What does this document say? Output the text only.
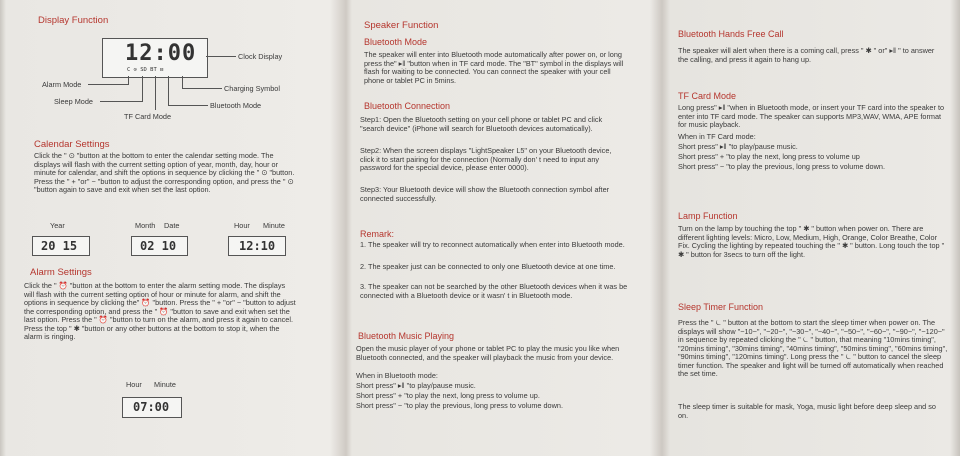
Display Function
12:00
C ⊙ SD BT ⊟
Clock Display
Alarm Mode
Sleep Mode
TF Card Mode
Charging Symbol
Bluetooth Mode
Calendar Settings

Click the " ⊙ "button at the bottom to enter the calendar setting mode. The displays will flash with the current setting option of year, month, day, hour or minute for calendar, and shift the options in sequence by clicking the " ⊙ "button. Press the " + "or" − "button to adjust the corresponding option, and press the " ⊙ "button again to save and exit when set the last option.

Year
20 15
Month Date
02 10
Hour Minute
12:10
Alarm Settings

Click the " ⏰ "button at the bottom to enter the alarm setting mode. The displays will flash with the current setting option of hour or minute for alarm, and shift the options in sequence by clicking the" ⏰ "button. Press the " + "or" − "button to adjust the corresponding option, and press the " ⏰ "button to save and exit when set the last option. Press the " ⏰ "button to turn on the alarm, and press it again to cancel. Press the top " ✱ "button or any other buttons at the bottom to stop it, when the alarm is ringing.

Hour Minute
07:00
Speaker Function
Bluetooth Mode

The speaker will enter into Bluetooth mode automatically after power on, or long press the" ▸‖ "button when in TF card mode. The "BT" symbol in the displays will flash for waiting to be connected. You can connect the speaker with your cell phone or tablet PC in 5mins.

Bluetooth Connection

Step1: Open the Bluetooth setting on your cell phone or tablet PC and click "search device" (iPhone will search for Bluetooth devices automatically).

Step2: When the screen displays "LightSpeaker L5" on your Bluetooth device, click it to start pairing for the connection (Normally don' t need to input any password for the special device, please enter 0000).

Step3: Your Bluetooth device will show the Bluetooth connection symbol after connected successfully.

Remark:

1. The speaker will try to reconnect automatically when enter into Bluetooth mode.

2. The speaker just can be connected to only one Bluetooth device at one time.

3. The speaker can not be searched by the other Bluetooth devices when it was be connected with a Bluetooth device or it wasn' t in Bluetooth mode.

Bluetooth Music Playing

Open the music player of your phone or tablet PC to play the music you like when Bluetooth connected, and the speaker will playback the music from your device.

When in Bluetooth mode:

Short press" ▸‖ "to play/pause music.

Short press" + "to play the next, long press to volume up.

Short press" − "to play the previous, long press to volume down.

Bluetooth Hands Free Call

The speaker will alert when there is a coming call, press " ✱ " or" ▸‖ " to answer the calling, and press it again to hang up.

TF Card Mode

Long press" ▸‖ "when in Bluetooth mode, or insert your TF card into the speaker to enter into TF card mode. The speaker can supports MP3,WAV, WMA, APE format for music playback.

When in TF Card mode:

Short press" ▸‖ "to play/pause music.

Short press" + "to play the next, long press to volume up

Short press" − "to play the previous, long press to volume down.

Lamp Function

Turn on the lamp by touching the top " ✱ " button when power on. There are different lighting levels: Micro, Low, Medium, High, Orange, Color Breathe, Color Fix. Cycling the lighting by repeated touching the " ✱ " button. Long touch the top " ✱ " button for 3secs to turn off the light.

Sleep Timer Function

Press the " ⏾ " button at the bottom to start the sleep timer when power on. The displays will show "−10−", "−20−", "−30−", "−40−", "−50−", "−60−", "−90−", "−120−" in sequence by repeated clicking the " ⏾ " button, that meaning "10mins timing", "20mins timing", "30mins timing", "40mins timing", "50mins timing", "60mins timing", "90mins timing", "120mins timing". Long press the " ⏾ " button to cancel the sleep timer function. The speaker and light will be turned off automatically when reached the set time.

The sleep timer is suitable for mask, Yoga, music light before deep sleep and so on.
